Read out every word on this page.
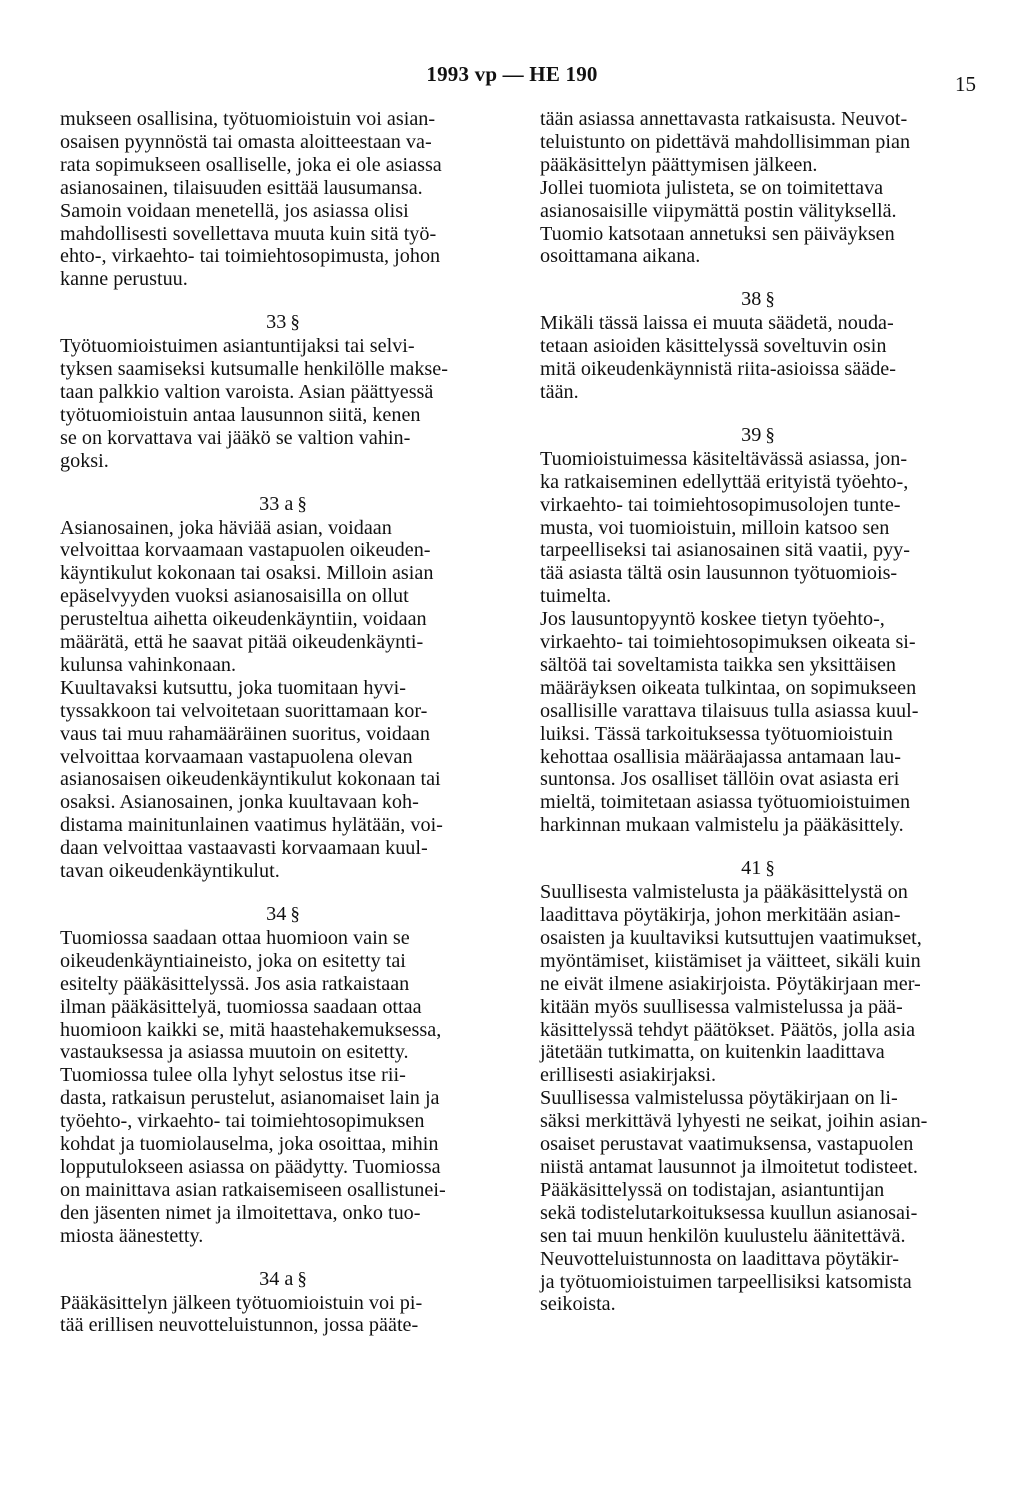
1993 vp — HE 190	15

mukseen osallisina, työtuomioistuin voi asian-
osaisen pyynnöstä tai omasta aloitteestaan va-
rata sopimukseen osalliselle, joka ei ole asiassa
asianosainen, tilaisuuden esittää lausumansa.
Samoin voidaan menetellä, jos asiassa olisi
mahdollisesti sovellettava muuta kuin sitä työ-
ehto-, virkaehto- tai toimiehtosopimusta, johon
kanne perustuu.

33 §

Työtuomioistuimen asiantuntijaksi tai selvi-
tyksen saamiseksi kutsumalle henkilölle makse-
taan palkkio valtion varoista. Asian päättyessä
työtuomioistuin antaa lausunnon siitä, kenen
se on korvattava vai jääkö se valtion vahin-
goksi.

33 a §

Asianosainen, joka häviää asian, voidaan
velvoittaa korvaamaan vastapuolen oikeuden-
käyntikulut kokonaan tai osaksi. Milloin asian
epäselvyyden vuoksi asianosaisilla on ollut
perusteltua aihetta oikeudenkäyntiin, voidaan
määrätä, että he saavat pitää oikeudenkäynti-
kulunsa vahinkonaan.

Kuultavaksi kutsuttu, joka tuomitaan hyvi-
tyssakkoon tai velvoitetaan suorittamaan kor-
vaus tai muu rahamääräinen suoritus, voidaan
velvoittaa korvaamaan vastapuolena olevan
asianosaisen oikeudenkäyntikulut kokonaan tai
osaksi. Asianosainen, jonka kuultavaan koh-
distama mainitunlainen vaatimus hylätään, voi-
daan velvoittaa vastaavasti korvaamaan kuul-
tavan oikeudenkäyntikulut.

34 §

Tuomiossa saadaan ottaa huomioon vain se
oikeudenkäyntiaineisto, joka on esitetty tai
esitelty pääkäsittelyssä. Jos asia ratkaistaan
ilman pääkäsittelyä, tuomiossa saadaan ottaa
huomioon kaikki se, mitä haastehakemuksessa,
vastauksessa ja asiassa muutoin on esitetty.

Tuomiossa tulee olla lyhyt selostus itse rii-
dasta, ratkaisun perustelut, asianomaiset lain ja
työehto-, virkaehto- tai toimiehtosopimuksen
kohdat ja tuomiolauselma, joka osoittaa, mihin
lopputulokseen asiassa on päädytty. Tuomiossa
on mainittava asian ratkaisemiseen osallistunei-
den jäsenten nimet ja ilmoitettava, onko tuo-
miosta äänestetty.

34 a §

Pääkäsittelyn jälkeen työtuomioistuin voi pi-
tää erillisen neuvotteluistunnon, jossa pääte-

tään asiassa annettavasta ratkaisusta. Neuvot-
teluistunto on pidettävä mahdollisimman pian
pääkäsittelyn päättymisen jälkeen.

Jollei tuomiota julisteta, se on toimitettava
asianosaisille viipymättä postin välityksellä.
Tuomio katsotaan annetuksi sen päiväyksen
osoittamana aikana.

38 §

Mikäli tässä laissa ei muuta säädetä, nouda-
tetaan asioiden käsittelyssä soveltuvin osin
mitä oikeudenkäynnistä riita-asioissa sääde-
tään.

39 §

Tuomioistuimessa käsiteltävässä asiassa, jon-
ka ratkaiseminen edellyttää erityistä työehto-,
virkaehto- tai toimiehtosopimusolojen tunte-
musta, voi tuomioistuin, milloin katsoo sen
tarpeelliseksi tai asianosainen sitä vaatii, pyy-
tää asiasta tältä osin lausunnon työtuomiois-
tuimelta.

Jos lausuntopyyntö koskee tietyn työehto-,
virkaehto- tai toimiehtosopimuksen oikeata si-
sältöä tai soveltamista taikka sen yksittäisen
määräyksen oikeata tulkintaa, on sopimukseen
osallisille varattava tilaisuus tulla asiassa kuul-
luiksi. Tässä tarkoituksessa työtuomioistuin
kehottaa osallisia määräajassa antamaan lau-
suntonsa. Jos osalliset tällöin ovat asiasta eri
mieltä, toimitetaan asiassa työtuomioistuimen
harkinnan mukaan valmistelu ja pääkäsittely.

41 §

Suullisesta valmistelusta ja pääkäsittelystä on
laadittava pöytäkirja, johon merkitään asian-
osaisten ja kuultaviksi kutsuttujen vaatimukset,
myöntämiset, kiistämiset ja väitteet, sikäli kuin
ne eivät ilmene asiakirjoista. Pöytäkirjaan mer-
kitään myös suullisessa valmistelussa ja pää-
käsittelyssä tehdyt päätökset. Päätös, jolla asia
jätetään tutkimatta, on kuitenkin laadittava
erillisesti asiakirjaksi.

Suullisessa valmistelussa pöytäkirjaan on li-
säksi merkittävä lyhyesti ne seikat, joihin asian-
osaiset perustavat vaatimuksensa, vastapuolen
niistä antamat lausunnot ja ilmoitetut todisteet.

Pääkäsittelyssä on todistajan, asiantuntijan
sekä todistelutarkoituksessa kuullun asianosai-
sen tai muun henkilön kuulustelu äänitettävä.

Neuvotteluistunnosta on laadittava pöytäkir-
ja työtuomioistuimen tarpeellisiksi katsomista
seikoista.
